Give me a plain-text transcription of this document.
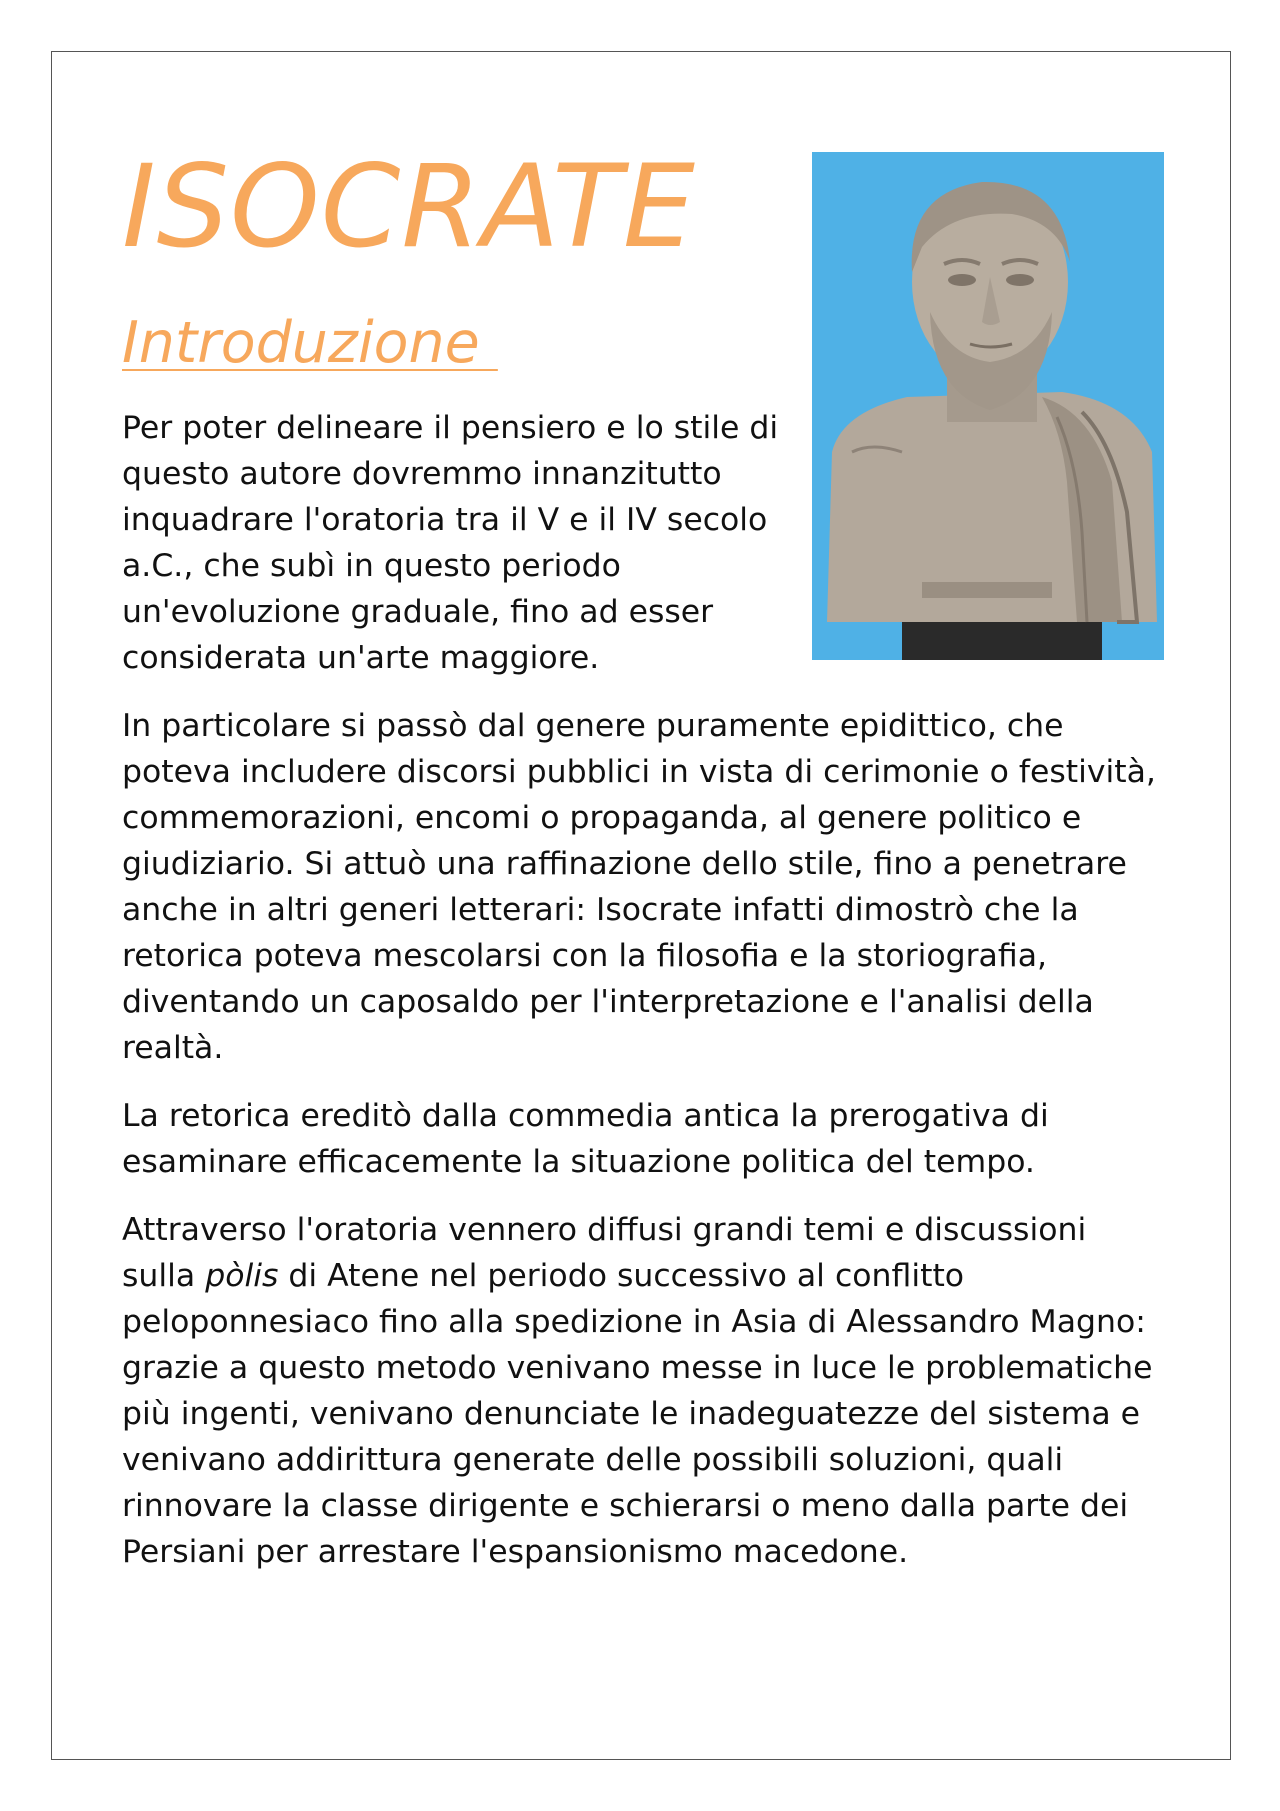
ISOCRATE
Introduzione

Per poter delineare il pensiero e lo stile di questo autore dovremmo innanzitutto inquadrare l'oratoria tra il V e il IV secolo a.C., che subì in questo periodo un'evoluzione graduale, fino ad esser considerata un'arte maggiore.

In particolare si passò dal genere puramente epidittico, che poteva includere discorsi pubblici in vista di cerimonie o festività, commemorazioni, encomi o propaganda, al genere politico e giudiziario. Si attuò una raffinazione dello stile, fino a penetrare anche in altri generi letterari: Isocrate infatti dimostrò che la retorica poteva mescolarsi con la filosofia e la storiografia, diventando un caposaldo per l'interpretazione e l'analisi della realtà.

La retorica ereditò dalla commedia antica la prerogativa di esaminare efficacemente la situazione politica del tempo.

Attraverso l'oratoria vennero diffusi grandi temi e discussioni sulla pòlis di Atene nel periodo successivo al conflitto peloponnesiaco fino alla spedizione in Asia di Alessandro Magno: grazie a questo metodo venivano messe in luce le problematiche più ingenti, venivano denunciate le inadeguatezze del sistema e venivano addirittura generate delle possibili soluzioni, quali rinnovare la classe dirigente e schierarsi o meno dalla parte dei Persiani per arrestare l'espansionismo macedone.
